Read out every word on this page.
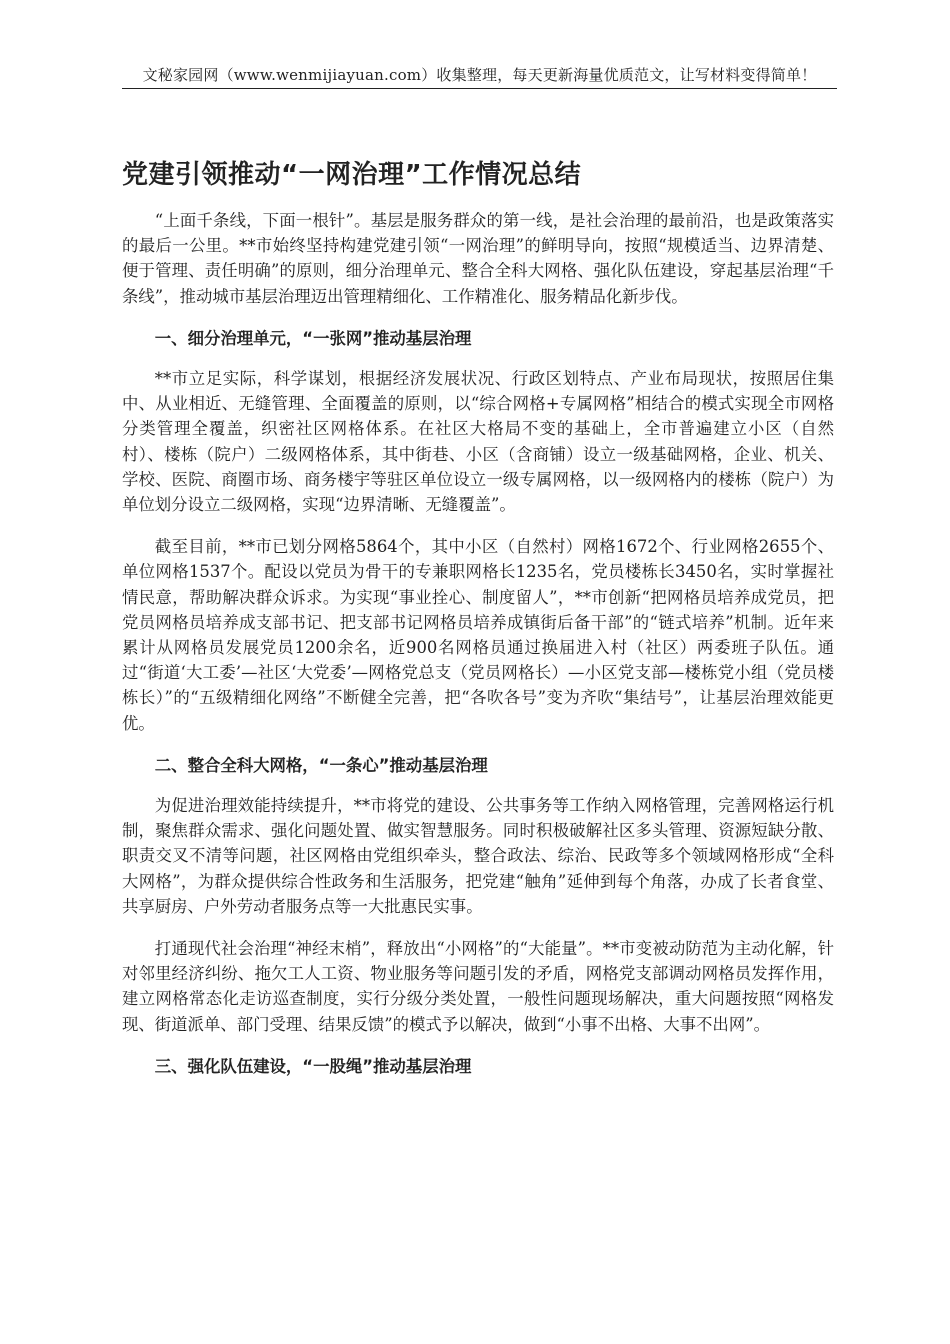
文秘家园网（www.wenmijiayuan.com）收集整理，每天更新海量优质范文，让写材料变得简单！
党建引领推动“一网治理”工作情况总结

“上面千条线，下面一根针”。基层是服务群众的第一线，是社会治理的最前沿，也是政策落实的最后一公里。**市始终坚持构建党建引领“一网治理”的鲜明导向，按照“规模适当、边界清楚、便于管理、责任明确”的原则，细分治理单元、整合全科大网格、强化队伍建设，穿起基层治理“千条线”，推动城市基层治理迈出管理精细化、工作精准化、服务精品化新步伐。

一、细分治理单元，“一张网”推动基层治理

**市立足实际，科学谋划，根据经济发展状况、行政区划特点、产业布局现状，按照居住集中、从业相近、无缝管理、全面覆盖的原则，以“综合网格+专属网格”相结合的模式实现全市网格分类管理全覆盖，织密社区网格体系。在社区大格局不变的基础上，全市普遍建立小区（自然村）、楼栋（院户）二级网格体系，其中街巷、小区（含商铺）设立一级基础网格，企业、机关、学校、医院、商圈市场、商务楼宇等驻区单位设立一级专属网格，以一级网格内的楼栋（院户）为单位划分设立二级网格，实现“边界清晰、无缝覆盖”。

截至目前，**市已划分网格5864个，其中小区（自然村）网格1672个、行业网格2655个、单位网格1537个。配设以党员为骨干的专兼职网格长1235名，党员楼栋长3450名，实时掌握社情民意，帮助解决群众诉求。为实现“事业拴心、制度留人”，**市创新“把网格员培养成党员，把党员网格员培养成支部书记、把支部书记网格员培养成镇街后备干部”的“链式培养”机制。近年来累计从网格员发展党员1200余名，近900名网格员通过换届进入村（社区）两委班子队伍。通过“街道‘大工委’—社区‘大党委’—网格党总支（党员网格长）—小区党支部—楼栋党小组（党员楼栋长）”的“五级精细化网络”不断健全完善，把“各吹各号”变为齐吹“集结号”，让基层治理效能更优。

二、整合全科大网格，“一条心”推动基层治理

为促进治理效能持续提升，**市将党的建设、公共事务等工作纳入网格管理，完善网格运行机制，聚焦群众需求、强化问题处置、做实智慧服务。同时积极破解社区多头管理、资源短缺分散、职责交叉不清等问题，社区网格由党组织牵头，整合政法、综治、民政等多个领域网格形成“全科大网格”，为群众提供综合性政务和生活服务，把党建“触角”延伸到每个角落，办成了长者食堂、共享厨房、户外劳动者服务点等一大批惠民实事。

打通现代社会治理“神经末梢”，释放出“小网格”的“大能量”。**市变被动防范为主动化解，针对邻里经济纠纷、拖欠工人工资、物业服务等问题引发的矛盾，网格党支部调动网格员发挥作用，建立网格常态化走访巡查制度，实行分级分类处置，一般性问题现场解决，重大问题按照“网格发现、街道派单、部门受理、结果反馈”的模式予以解决，做到“小事不出格、大事不出网”。

三、强化队伍建设，“一股绳”推动基层治理
